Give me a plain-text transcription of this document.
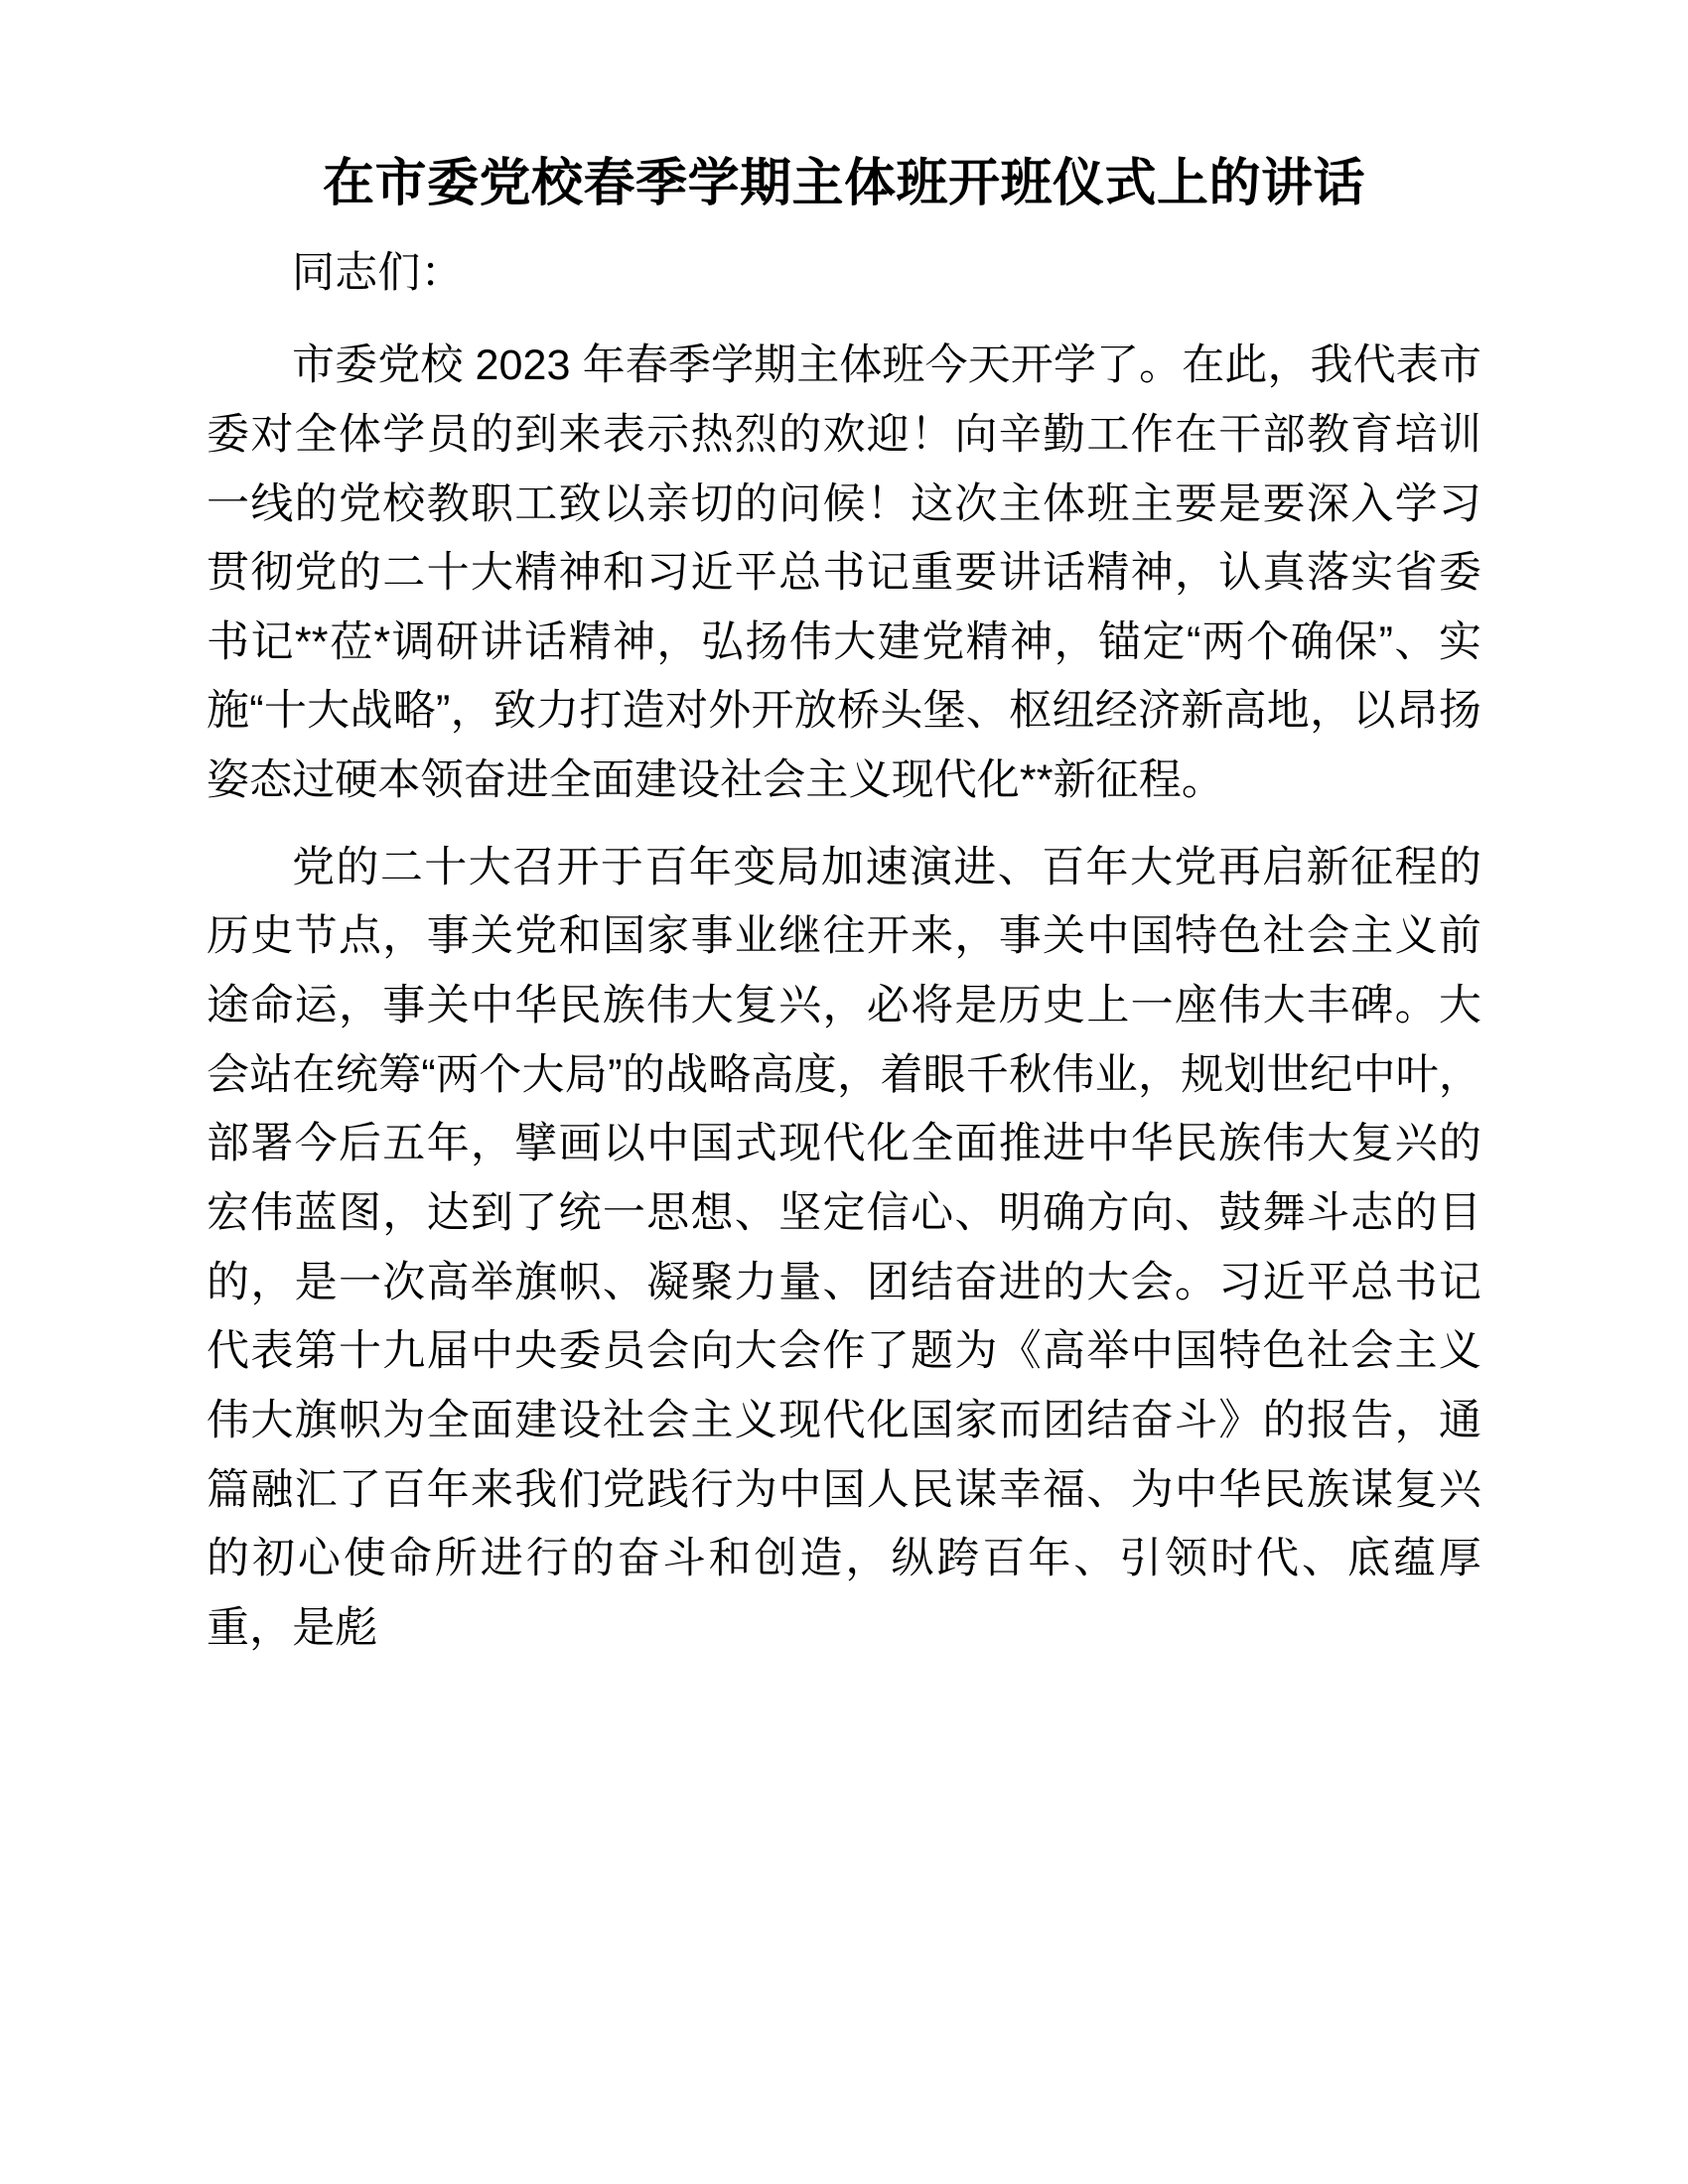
在市委党校春季学期主体班开班仪式上的讲话

同志们：

市委党校 2023 年春季学期主体班今天开学了。在此，我代表市委对全体学员的到来表示热烈的欢迎！向辛勤工作在干部教育培训一线的党校教职工致以亲切的问候！这次主体班主要是要深入学习贯彻党的二十大精神和习近平总书记重要讲话精神，认真落实省委书记**莅*调研讲话精神，弘扬伟大建党精神，锚定“两个确保”、实施“十大战略”，致力打造对外开放桥头堡、枢纽经济新高地，以昂扬姿态过硬本领奋进全面建设社会主义现代化**新征程。

党的二十大召开于百年变局加速演进、百年大党再启新征程的历史节点，事关党和国家事业继往开来，事关中国特色社会主义前途命运，事关中华民族伟大复兴，必将是历史上一座伟大丰碑。大会站在统筹“两个大局”的战略高度，着眼千秋伟业，规划世纪中叶，部署今后五年，擘画以中国式现代化全面推进中华民族伟大复兴的宏伟蓝图，达到了统一思想、坚定信心、明确方向、鼓舞斗志的目的，是一次高举旗帜、凝聚力量、团结奋进的大会。习近平总书记代表第十九届中央委员会向大会作了题为《高举中国特色社会主义伟大旗帜为全面建设社会主义现代化国家而团结奋斗》的报告，通篇融汇了百年来我们党践行为中国人民谋幸福、为中华民族谋复兴的初心使命所进行的奋斗和创造，纵跨百年、引领时代、底蕴厚重，是彪
